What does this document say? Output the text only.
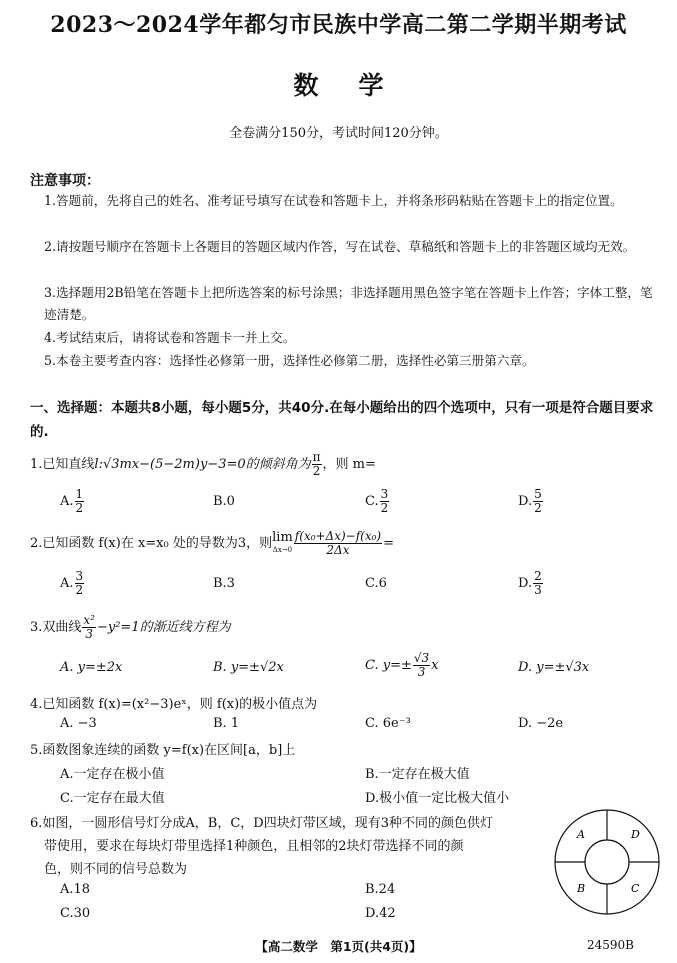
2023～2024学年都匀市民族中学高二第二学期半期考试
数学
全卷满分150分，考试时间120分钟。
注意事项：
1.答题前，先将自己的姓名、准考证号填写在试卷和答题卡上，并将条形码粘贴在答题卡上的指定位置。
2.请按题号顺序在答题卡上各题目的答题区域内作答，写在试卷、草稿纸和答题卡上的非答题区域均无效。
3.选择题用2B铅笔在答题卡上把所选答案的标号涂黑；非选择题用黑色签字笔在答题卡上作答；字体工整，笔迹清楚。
4.考试结束后，请将试卷和答题卡一并上交。
5.本卷主要考查内容：选择性必修第一册，选择性必修第二册，选择性必第三册第六章。
一、选择题：本题共8小题，每小题5分，共40分.在每小题给出的四个选项中，只有一项是符合题目要求的.
1.已知直线l:√3mx−(5−2m)y−3=0的倾斜角为 $\frac{\pi}{2}$ ，则 m=
A. $\frac{1}{2}$	B.0	C. $\frac{3}{2}$	D. $\frac{5}{2}$
2.已知函数 f(x)在 x=x₀ 处的导数为3，则 lim
$\Delta x\to 0 \frac{\text{f(x₀+Δx)−f(x₀)}}{2\Delta x}$ =
A. $\frac{3}{2}$	B.3	C.6	D. $\frac{2}{3}$
3.双曲线 $\frac{\text{x²}}{3} -y^2=1$的渐近线方程为
A. y=±2x	B. y=±√2x	C. $y=\pm \frac{√3}{3}$ x	D. y=±√3x
4.已知函数 f(x)=(x²−3)eˣ，则 f(x)的极小值点为
A. −3	B. 1	C. 6e⁻³	D. −2e
5.函数图象连续的函数 y=f(x)在区间[a，b]上
A.一定存在极小值	B.一定存在极大值
C.一定存在最大值	D.极小值一定比极大值小
6.如图，一圆形信号灯分成A，B，C，D四块灯带区域，现有3种不同的颜色供灯
带使用，要求在每块灯带里选择1种颜色，且相邻的2块灯带选择不同的颜
色，则不同的信号总数为
A.18	B.24
C.30	D.42
A	D
B	C
【高二数学　第1页(共4页)】	24590B
